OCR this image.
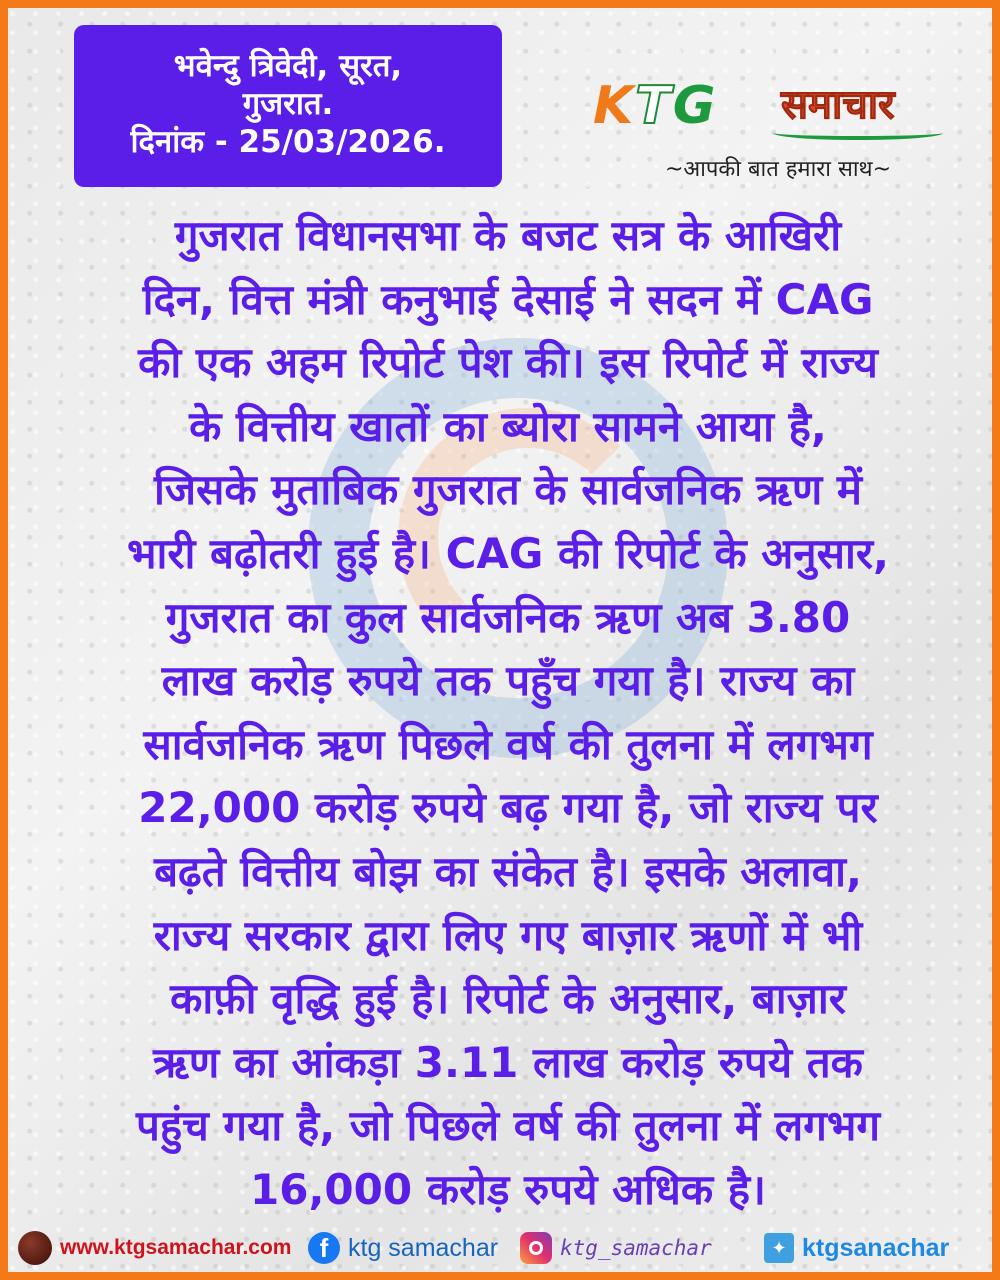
भवेन्दु त्रिवेदी, सूरत,
गुजरात.
दिनांक - 25/03/2026.
KTG समाचार
~आपकी बात हमारा साथ~

गुजरात विधानसभा के बजट सत्र के आखिरी
दिन, वित्त मंत्री कनुभाई देसाई ने सदन में CAG
की एक अहम रिपोर्ट पेश की। इस रिपोर्ट में राज्य
के वित्तीय खातों का ब्योरा सामने आया है,
जिसके मुताबिक गुजरात के सार्वजनिक ऋण में
भारी बढ़ोतरी हुई है। CAG की रिपोर्ट के अनुसार,
गुजरात का कुल सार्वजनिक ऋण अब 3.80
लाख करोड़ रुपये तक पहुँच गया है। राज्य का
सार्वजनिक ऋण पिछले वर्ष की तुलना में लगभग
22,000 करोड़ रुपये बढ़ गया है, जो राज्य पर
बढ़ते वित्तीय बोझ का संकेत है। इसके अलावा,
राज्य सरकार द्वारा लिए गए बाज़ार ऋणों में भी
काफ़ी वृद्धि हुई है। रिपोर्ट के अनुसार, बाज़ार
ऋण का आंकड़ा 3.11 लाख करोड़ रुपये तक
पहुंच गया है, जो पिछले वर्ष की तुलना में लगभग
16,000 करोड़ रुपये अधिक है।

www.ktgsamachar.com	f ktg samachar	ktg_samachar	✦ ktgsanachar
